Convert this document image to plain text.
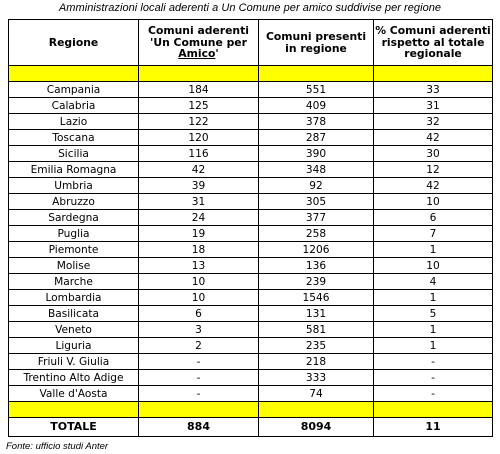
Amministrazioni locali aderenti a Un Comune per amico suddivise per regione
Regione	Comuni aderenti 'Un Comune per Amico'	Comuni presenti in regione	% Comuni aderenti rispetto al totale regionale

Campania	184	551	33
Calabria	125	409	31
Lazio	122	378	32
Toscana	120	287	42
Sicilia	116	390	30
Emilia Romagna	42	348	12
Umbria	39	92	42
Abruzzo	31	305	10
Sardegna	24	377	6
Puglia	19	258	7
Piemonte	18	1206	1
Molise	13	136	10
Marche	10	239	4
Lombardia	10	1546	1
Basilicata	6	131	5
Veneto	3	581	1
Liguria	2	235	1
Friuli V. Giulia	-	218	-
Trentino Alto Adige	-	333	-
Valle d'Aosta	-	74	-

TOTALE	884	8094	11
Fonte: ufficio studi Anter
